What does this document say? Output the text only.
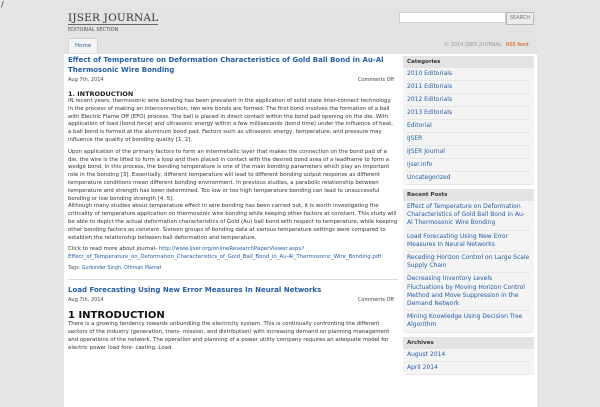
/
IJSER JOURNAL
EDITORIAL SECTION
SEARCH
Home	© 2014 IJSER JOURNAL RSS feed
Effect of Temperature on Deformation Characteristics of Gold Ball Bond in Au-Al Thermosonic Wire Bonding
Aug 7th, 2014	Comments Off
1. INTRODUCTION

IN recent years, thermosonic wire bonding has been prevalent in the application of solid state inter-connect technology. In the process of making an interconnection, two wire bonds are formed. The first bond involves the formation of a ball with Electric Flame Off (EFO) process. The ball is placed in direct contact within the bond pad opening on the die. With application of load (bond force) and ultrasonic energy within a few milliseconds (bond time) under the influence of heat, a ball bond is formed at the aluminum bond pad. Factors such as ultrasonic energy, temperature, and pressure may influence the quality of bonding quality [1, 2].

Upon application of the primary factors to form an intermetallic layer that makes the connection on the bond pad of a die, the wire is the lifted to form a loop and then placed in contact with the desired bond area of a leadframe to form a wedge bond. In this process, the bonding temperature is one of the main bonding parameters which play an important
role in the bonding [3]. Essentially, different temperature will lead to different bonding output response as different temperature conditions mean different bonding environment. In previous studies, a parabolic relationship between temperature and strength has been determined. Too low or too high temperature bonding can lead to unsuccessful bonding or low bonding strength [4, 5].
Although many studies about temperature effect in wire bonding has been carried out, it is worth investigating the criticality of temperature application on thermosonic wire bonding while keeping other factors at constant. This study will be able to depict the actual deformation characteristics of Gold (Au) ball bond with respect to temperature, while keeping other bonding factors as constant. Sixteen groups of bonding data at various temperature settings were compared to establish the relationship between ball deformation and temperature.

Click to read more about journal- http://www.ijser.org/onlineResearchPaperViewer.aspx?Effect_of_Temperature_on_Deformation_Characteristics_of_Gold_Ball_Bond_in_Au-Al_Thermosonic_Wire_Bonding.pdf

Tags: Gurbinder Singh, Othman Mamat
Load Forecasting Using New Error Measures In Neural Networks
Aug 7th, 2014	Comments Off
1 INTRODUCTION

There is a growing tendency towards unbundling the electricity system. This is continually confronting the different sectors of the industry (generation, trans- mission, and distribution) with increasing demand on planning management and operations of the network. The operation and planning of a power utility company requires an adequate model for electric power load fore- casting. Load

Categories
2010 Editorials
2011 Editorials
2012 Editorials
2013 Editorials
Editorial
IJSER
IJSER Journal
ijser.info
Uncategorized
Recent Posts
Effect of Temperature on Deformation Characteristics of Gold Ball Bond in Au-Al Thermosonic Wire Bonding
Load Forecasting Using New Error Measures In Neural Networks
Receding Horizon Control on Large Scale Supply Chain
Decreasing Inventory Levels Fluctuations by Moving Horizon Control Method and Move Suppression in the Demand Network
Mining Knowledge Using Decision Tree Algorithm
Archives
August 2014
April 2014
